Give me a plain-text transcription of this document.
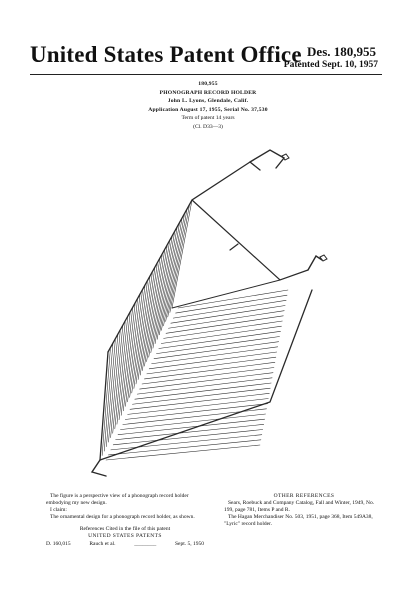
United States Patent Office Des. 180,955
Patented Sept. 10, 1957
180,955
PHONOGRAPH RECORD HOLDER
John L. Lyons, Glendale, Calif.
Application August 17, 1955, Serial No. 37,530
Term of patent 14 years
(Cl. D33—3)

The figure is a perspective view of a phonograph record holder embodying my new design.

I claim:

The ornamental design for a phonograph record holder, as shown.

References Cited in the file of this patent
UNITED STATES PATENTS
D. 160,015	Rauch et al.	________	Sept. 5, 1950
OTHER REFERENCES

Sears, Roebuck and Company Catalog, Fall and Winter, 1949, No. 199, page 781, Items P and R.

The Hagan Merchandiser No. 503, 1951, page 368, Item 549A38, "Lyric" record holder.
